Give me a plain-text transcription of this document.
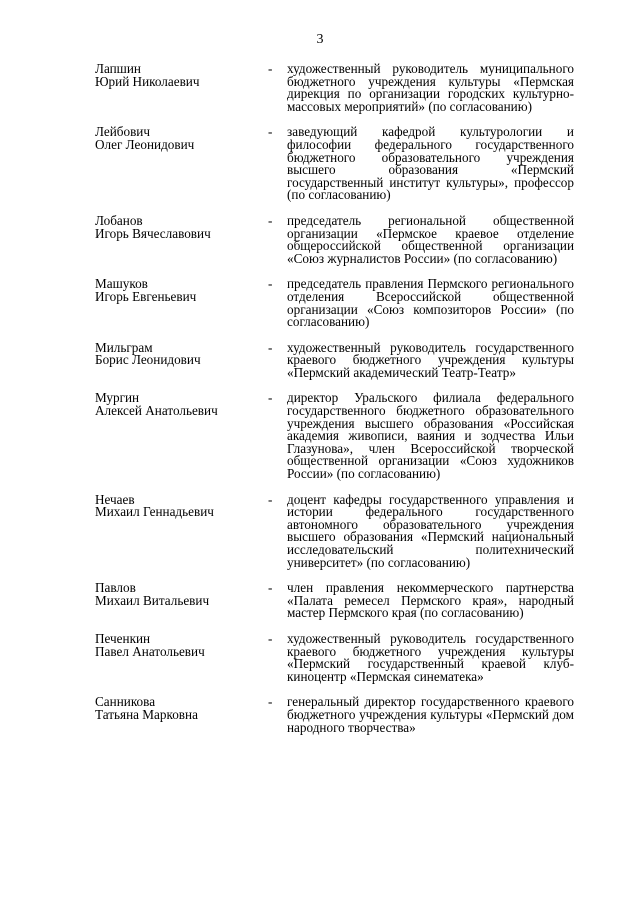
3
Лапшин
Юрий Николаевич
-	художественный руководитель муниципального бюджетного учреждения культуры «Пермская дирекция по организации городских культурно-массовых мероприятий» (по согласованию)
Лейбович
Олег Леонидович
-	заведующий кафедрой культурологии и философии федерального государственного бюджетного образовательного учреждения высшего образования «Пермский государственный институт культуры», профессор (по согласованию)
Лобанов
Игорь Вячеславович
-	председатель региональной общественной организации «Пермское краевое отделение общероссийской общественной организации «Союз журналистов России» (по согласованию)
Машуков
Игорь Евгеньевич
-	председатель правления Пермского регионального отделения Всероссийской общественной организации «Союз композиторов России» (по согласованию)
Мильграм
Борис Леонидович
-	художественный руководитель государственного краевого бюджетного учреждения культуры «Пермский академический Театр-Театр»
Мургин
Алексей Анатольевич
-	директор Уральского филиала федерального государственного бюджетного образовательного учреждения высшего образования «Российская академия живописи, ваяния и зодчества Ильи Глазунова», член Всероссийской творческой общественной организации «Союз художников России» (по согласованию)
Нечаев
Михаил Геннадьевич
-	доцент кафедры государственного управления и истории федерального государственного автономного образовательного учреждения высшего образования «Пермский национальный исследовательский политехнический университет» (по согласованию)
Павлов
Михаил Витальевич
-	член правления некоммерческого партнерства «Палата ремесел Пермского края», народный мастер Пермского края (по согласованию)
Печенкин
Павел Анатольевич
-	художественный руководитель государственного краевого бюджетного учреждения культуры «Пермский государственный краевой клуб-киноцентр «Пермская синематека»
Санникова
Татьяна Марковна
-	генеральный директор государственного краевого бюджетного учреждения культуры «Пермский дом народного творчества»
